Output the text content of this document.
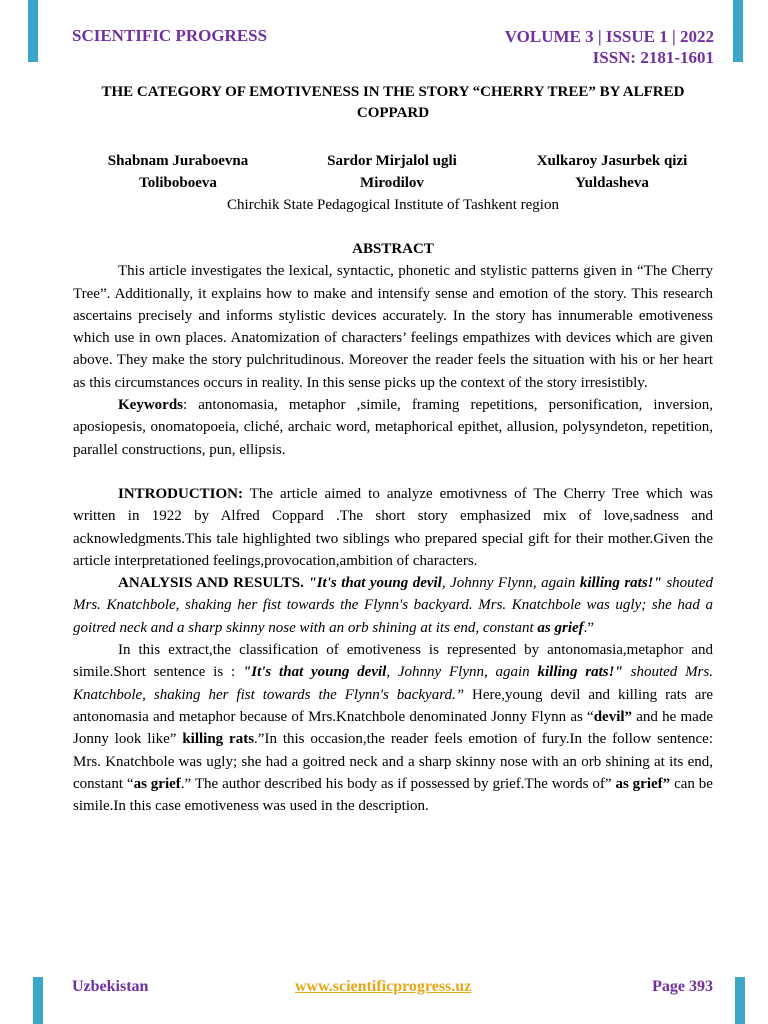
SCIENTIFIC PROGRESS	VOLUME 3 | ISSUE 1 | 2022
ISSN: 2181-1601
THE CATEGORY OF EMOTIVENESS IN THE STORY “CHERRY TREE” BY ALFRED COPPARD
Shabnam Juraboevna
Toliboboeva
Sardor Mirjalol ugli
Mirodilov
Xulkaroy Jasurbek qizi
Yuldasheva
Chirchik State Pedagogical Institute of Tashkent region

ABSTRACT

This article investigates the lexical, syntactic, phonetic and stylistic patterns given in “The Cherry Tree”. Additionally, it explains how to make and intensify sense and emotion of the story. This research ascertains precisely and informs stylistic devices accurately. In the story has innumerable emotiveness which use in own places. Anatomization of characters’ feelings empathizes with devices which are given above. They make the story pulchritudinous. Moreover the reader feels the situation with his or her heart as this circumstances occurs in reality. In this sense picks up the context of the story irresistibly.

Keywords: antonomasia, metaphor ,simile, framing repetitions, personification, inversion, aposiopesis, onomatopoeia, cliché, archaic word, metaphorical epithet, allusion, polysyndeton, repetition, parallel constructions, pun, ellipsis.

INTRODUCTION: The article aimed to analyze emotivness of The Cherry Tree which was written in 1922 by Alfred Coppard .The short story emphasized mix of love,sadness and acknowledgments.This tale highlighted two siblings who prepared special gift for their mother.Given the article interpretationed feelings,provocation,ambition of characters.

ANALYSIS AND RESULTS. "It's that young devil, Johnny Flynn, again killing rats!" shouted Mrs. Knatchbole, shaking her fist towards the Flynn's backyard. Mrs. Knatchbole was ugly; she had a goitred neck and a sharp skinny nose with an orb shining at its end, constant as grief.”

In this extract,the classification of emotiveness is represented by antonomasia,metaphor and simile.Short sentence is : "It's that young devil, Johnny Flynn, again killing rats!" shouted Mrs. Knatchbole, shaking her fist towards the Flynn's backyard.” Here,young devil and killing rats are antonomasia and metaphor because of Mrs.Knatchbole denominated Jonny Flynn as “devil” and he made Jonny look like” killing rats.”In this occasion,the reader feels emotion of fury.In the follow sentence: Mrs. Knatchbole was ugly; she had a goitred neck and a sharp skinny nose with an orb shining at its end, constant “as grief.” The author described his body as if possessed by grief.The words of” as grief” can be simile.In this case emotiveness was used in the description.

Uzbekistan	www.scientificprogress.uz	Page 393
